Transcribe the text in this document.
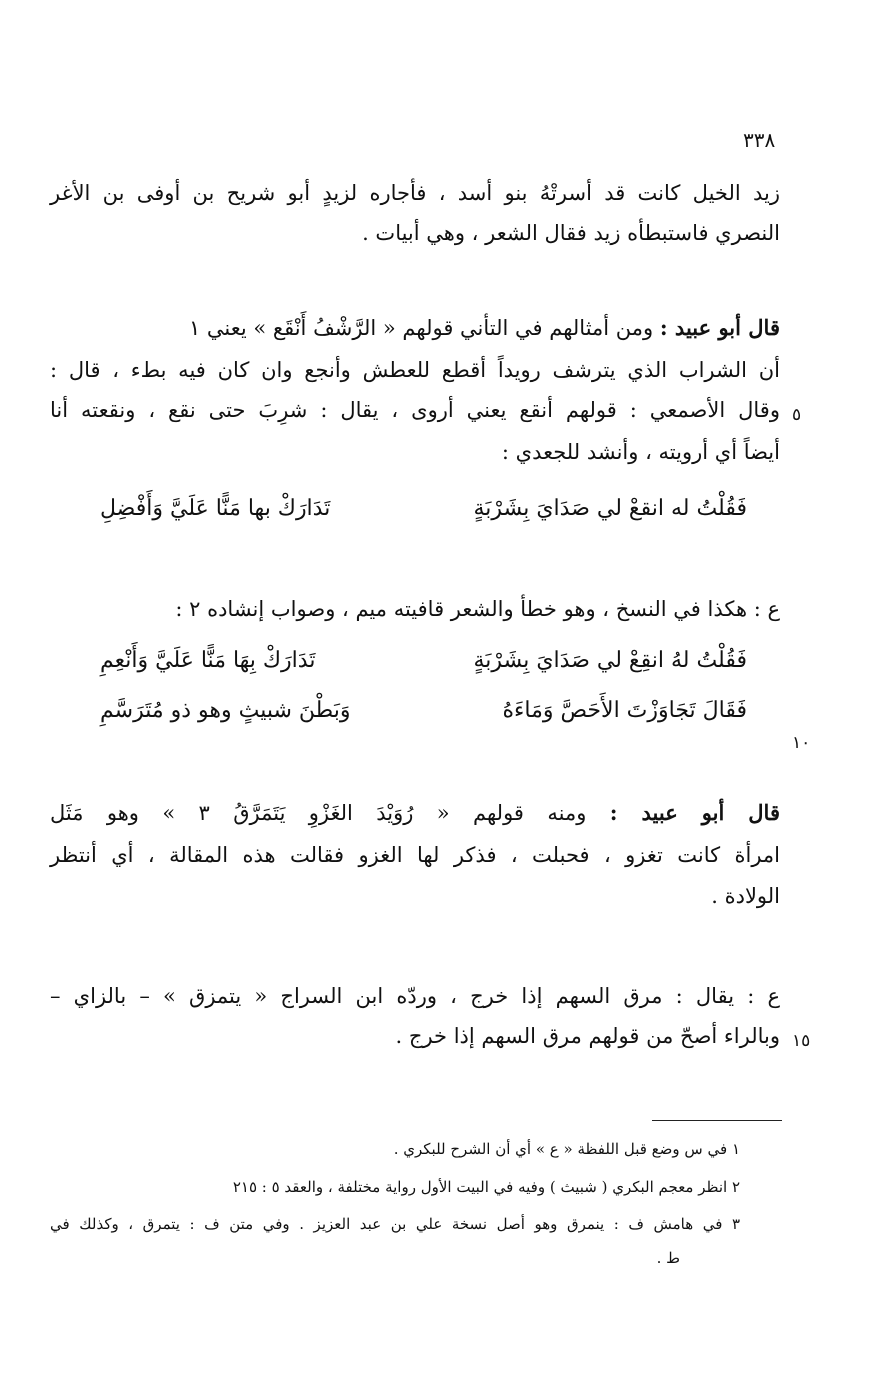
٣٣٨
زيد الخيل كانت قد أسرتْهُ بنو أسد ، فأجاره لزيدٍ أبو شريح بن أوفى بن الأغر
النصري فاستبطأه زيد فقال الشعر ، وهي أبيات .
قال أبو عبيد : ومن أمثالهم في التأني قولهم « الرَّشْفُ أَنْقَع » يعني ١
أن الشراب الذي يترشف رويداً أقطع للعطش وأنجع وان كان فيه بطء ، قال :
وقال الأصمعي : قولهم أنقع يعني أروى ، يقال : شرِبَ حتى نقع ، ونقعته أنا ٥
أيضاً أي أرويته ، وأنشد للجعدي :
فَقُلْتُ له انقعْ لي صَدَايَ بِشَرْبَةٍ
تَدَارَكْ بها مَنًّا عَلَيَّ وَأَفْضِلِ
ع : هكذا في النسخ ، وهو خطأ والشعر قافيته ميم ، وصواب إنشاده ٢ :
فَقُلْتُ لهُ انقِعْ لي صَدَايَ بِشَرْبَةٍ
تَدَارَكْ بِهَا مَنًّا عَلَيَّ وَأَنْعِمِ
فَقَالَ تَجَاوَزْتَ الأَحَصَّ وَمَاءَهُ
وَبَطْنَ شبيثٍ وهو ذو مُتَرَسَّمِ
١٠
قال أبو عبيد : ومنه قولهم « رُوَيْدَ الغَزْوِ يَتَمَرَّقُ ٣ » وهو مَثَل
امرأة كانت تغزو ، فحبلت ، فذكر لها الغزو فقالت هذه المقالة ، أي أنتظر
الولادة .
ع : يقال : مرق السهم إذا خرج ، وردّه ابن السراج « يتمزق » – بالزاي –
وبالراء أصحّ من قولهم مرق السهم إذا خرج . ١٥
١ في س وضع قبل اللفظة « ع » أي أن الشرح للبكري .
٢ انظر معجم البكري ( شبيث ) وفيه في البيت الأول رواية مختلفة ، والعقد ٥ : ٢١٥
٣ في هامش ف : ينمرق وهو أصل نسخة علي بن عبد العزيز . وفي متن ف : يتمرق ، وكذلك في
ط .
